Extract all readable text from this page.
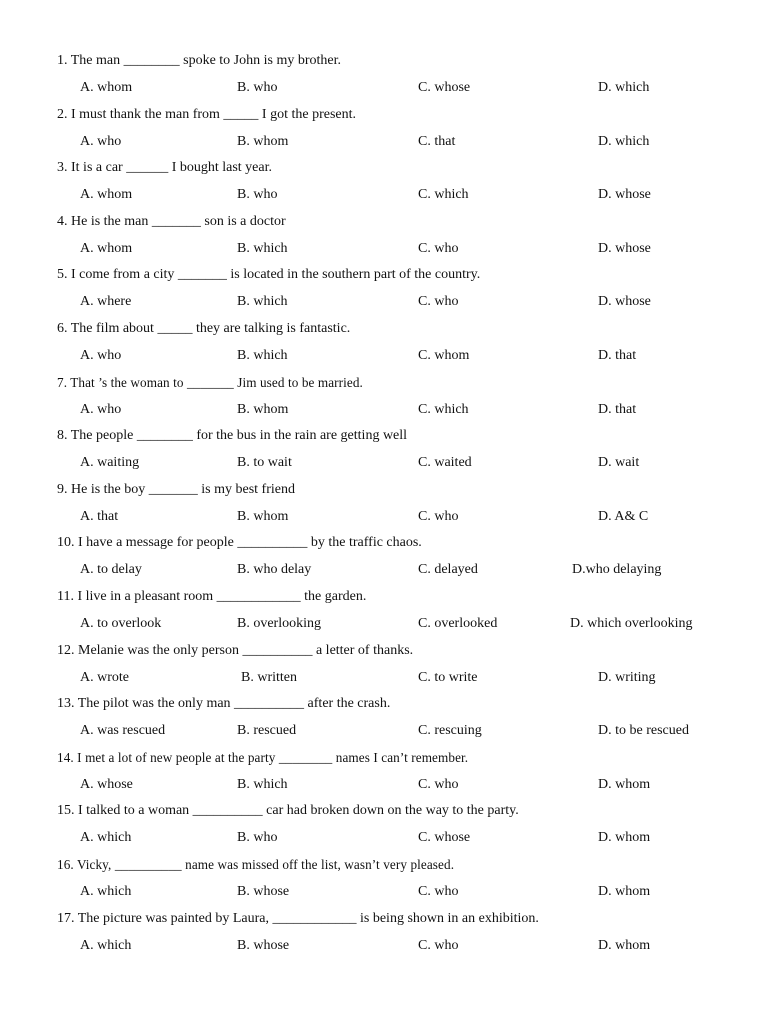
1. The man ________ spoke to John is my brother.
A. whom	B. who	C. whose	D. which
2. I must thank the man from _____ I got the present.
A. who	B. whom	C. that	D. which
3. It is a car ______ I bought last year.
A. whom	B. who	C. which	D. whose
4. He is the man _______ son is a doctor
A. whom	B. which	C. who	D. whose
5. I come from a city _______ is located in the southern part of the country.
A. where	B. which	C. who	D. whose
6. The film about _____ they are talking is fantastic.
A. who	B. which	C. whom	D. that
7. That ’s the woman to _______ Jim used to be married.
A. who	B. whom	C. which	D. that
8. The people ________ for the bus in the rain are getting well
A. waiting	B. to wait	C. waited	D. wait
9. He is the boy _______ is my best friend
A. that	B. whom	C. who	D. A& C
10. I have a message for people __________ by the traffic chaos.
A. to delay	B. who delay	C. delayed	D.who delaying
11. I live in a pleasant room ____________ the garden.
A. to overlook	B. overlooking	C. overlooked	D. which overlooking
12. Melanie was the only person __________ a letter of thanks.
A. wrote	B. written	C. to write	D. writing
13. The pilot was the only man __________ after the crash.
A. was rescued	B. rescued	C. rescuing	D. to be rescued
14. I met a lot of new people at the party ________ names I can’t remember.
A. whose	B. which	C. who	D. whom
15. I talked to a woman __________ car had broken down on the way to the party.
A. which	B. who	C. whose	D. whom
16. Vicky, __________ name was missed off the list, wasn’t very pleased.
A. which	B. whose	C. who	D. whom
17. The picture was painted by Laura, ____________ is being shown in an exhibition.
A. which	B. whose	C. who	D. whom
